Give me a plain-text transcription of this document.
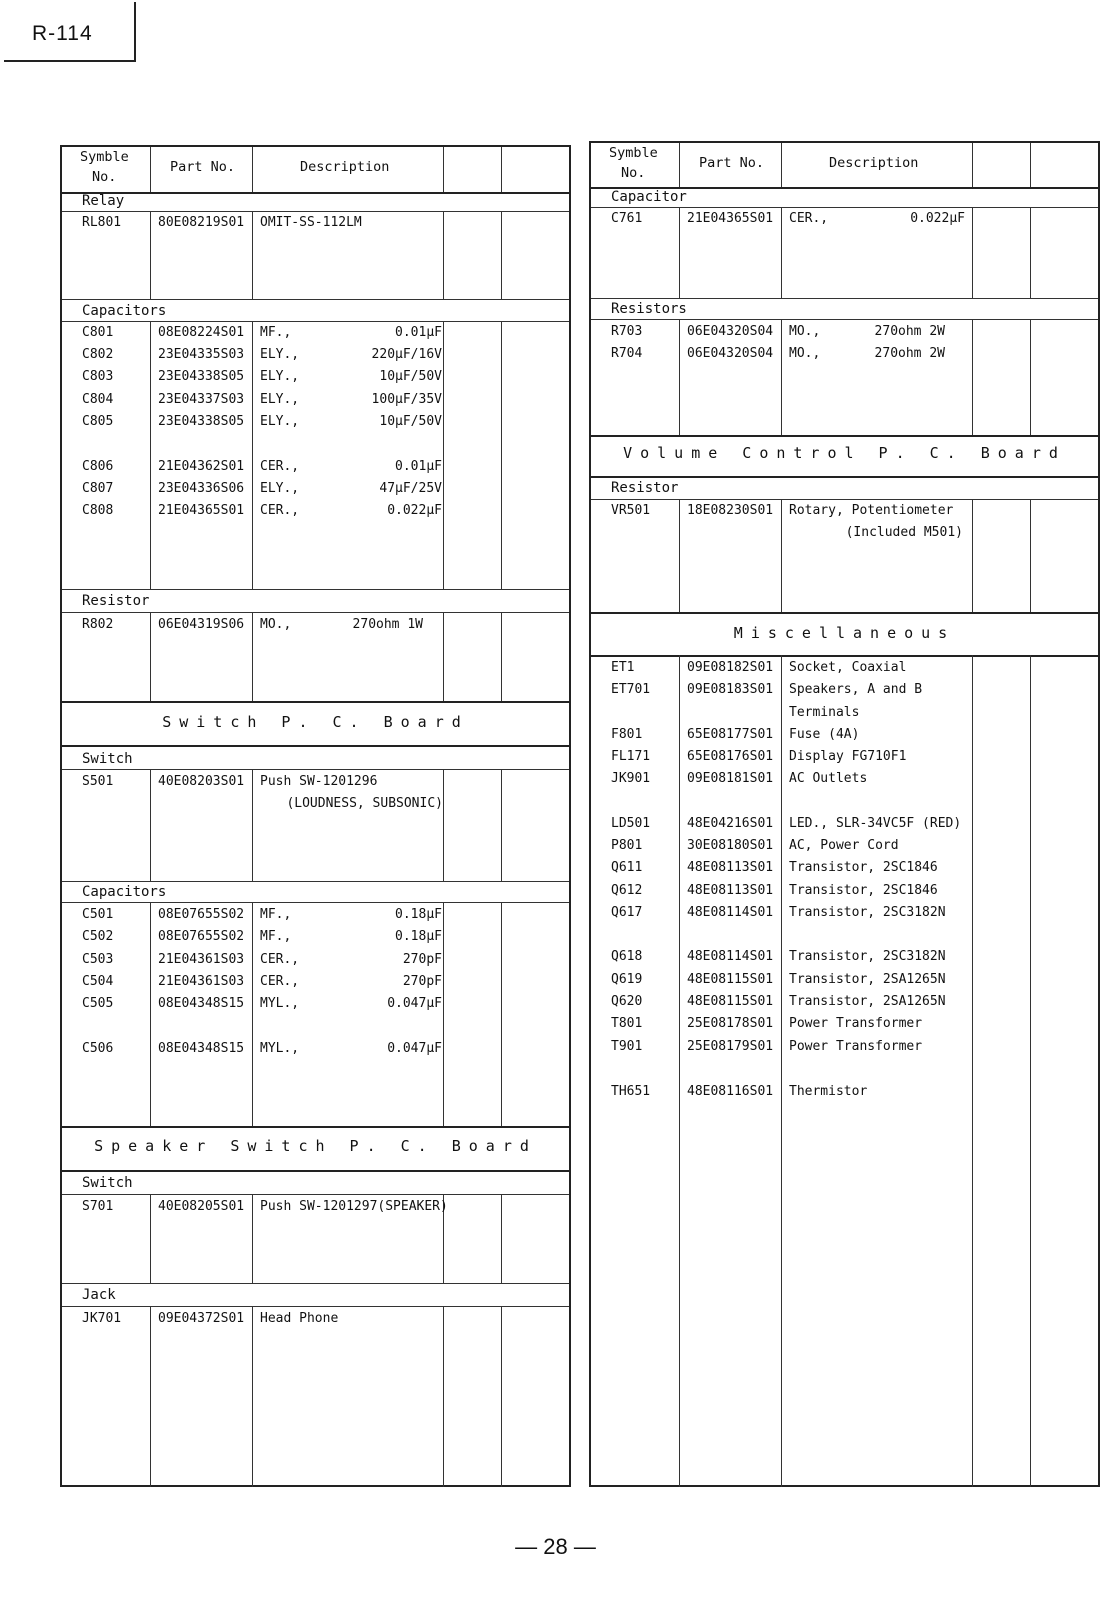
R-114
Symble
No.
Part No.	Description
Relay
RL801	80E08219S01 OMIT-SS-112LM
Capacitors
C801	08E08224S01 MF.,	0.01μF
C802	23E04335S03 ELY.,	220μF/16V
C803	23E04338S05 ELY.,	10μF/50V
C804	23E04337S03 ELY.,	100μF/35V
C805	23E04338S05 ELY.,	10μF/50V
C806	21E04362S01 CER.,	0.01μF
C807	23E04336S06 ELY.,	47μF/25V
C808	21E04365S01 CER.,	0.022μF
Resistor
R802	06E04319S06 MO.,	270ohm 1W
Switch P. C. Board
Switch
S501	40E08203S01 Push SW-1201296
(LOUDNESS, SUBSONIC)
Capacitors
C501	08E07655S02 MF.,	0.18μF
C502	08E07655S02 MF.,	0.18μF
C503	21E04361S03 CER.,	270pF
C504	21E04361S03 CER.,	270pF
C505	08E04348S15 MYL.,	0.047μF
C506	08E04348S15 MYL.,	0.047μF
Speaker Switch P. C. Board
Switch
S701	40E08205S01 Push SW-1201297(SPEAKER)
Jack
JK701	09E04372S01 Head Phone
Symble
No.
Part No.	Description
Capacitor
C761	21E04365S01 CER.,	0.022μF
Resistors
R703	06E04320S04 MO.,	270ohm 2W
R704	06E04320S04 MO.,	270ohm 2W
Volume Control P. C. Board
Resistor
VR501	18E08230S01 Rotary, Potentiometer
(Included M501)
Miscellaneous
ET1	09E08182S01 Socket, Coaxial
ET701	09E08183S01 Speakers, A and B
Terminals
F801	65E08177S01 Fuse (4A)
FL171	65E08176S01 Display FG710F1
JK901	09E08181S01 AC Outlets
LD501	48E04216S01 LED., SLR-34VC5F (RED)
P801	30E08180S01 AC, Power Cord
Q611	48E08113S01 Transistor, 2SC1846
Q612	48E08113S01 Transistor, 2SC1846
Q617	48E08114S01 Transistor, 2SC3182N
Q618	48E08114S01 Transistor, 2SC3182N
Q619	48E08115S01 Transistor, 2SA1265N
Q620	48E08115S01 Transistor, 2SA1265N
T801	25E08178S01 Power Transformer
T901	25E08179S01 Power Transformer
TH651	48E08116S01 Thermistor
— 28 —
